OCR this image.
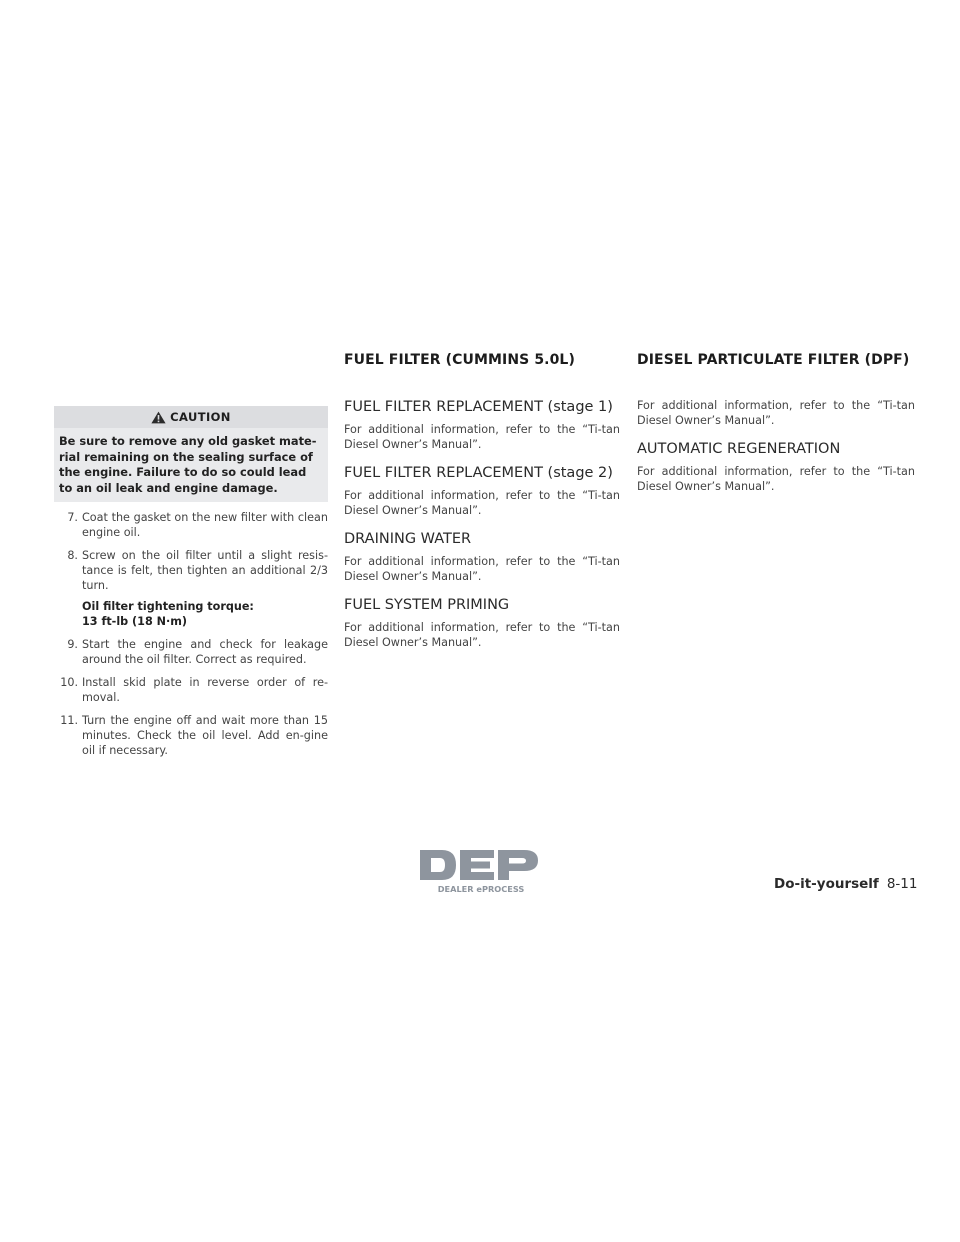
CAUTION
Be sure to remove any old gasket mate-rial remaining on the sealing surface of the engine. Failure to do so could lead to an oil leak and engine damage.
7. Coat the gasket on the new filter with clean engine oil.
8. Screw on the oil filter until a slight resis-tance is felt, then tighten an additional 2/3 turn.
Oil filter tightening torque:
13 ft-lb (18 N·m)
9. Start the engine and check for leakage around the oil filter. Correct as required.
10. Install skid plate in reverse order of re-moval.
11. Turn the engine off and wait more than 15 minutes. Check the oil level. Add en-gine oil if necessary.
FUEL FILTER (CUMMINS 5.0L)
FUEL FILTER REPLACEMENT (stage 1)

For additional information, refer to the “Ti-tan Diesel Owner’s Manual”.

FUEL FILTER REPLACEMENT (stage 2)

For additional information, refer to the “Ti-tan Diesel Owner’s Manual”.

DRAINING WATER

For additional information, refer to the “Ti-tan Diesel Owner’s Manual”.

FUEL SYSTEM PRIMING

For additional information, refer to the “Ti-tan Diesel Owner’s Manual”.

DIESEL PARTICULATE FILTER (DPF)

For additional information, refer to the “Ti-tan Diesel Owner’s Manual”.

AUTOMATIC REGENERATION

For additional information, refer to the “Ti-tan Diesel Owner’s Manual”.

DEALER ePROCESS	Do-it-yourself 8-11
